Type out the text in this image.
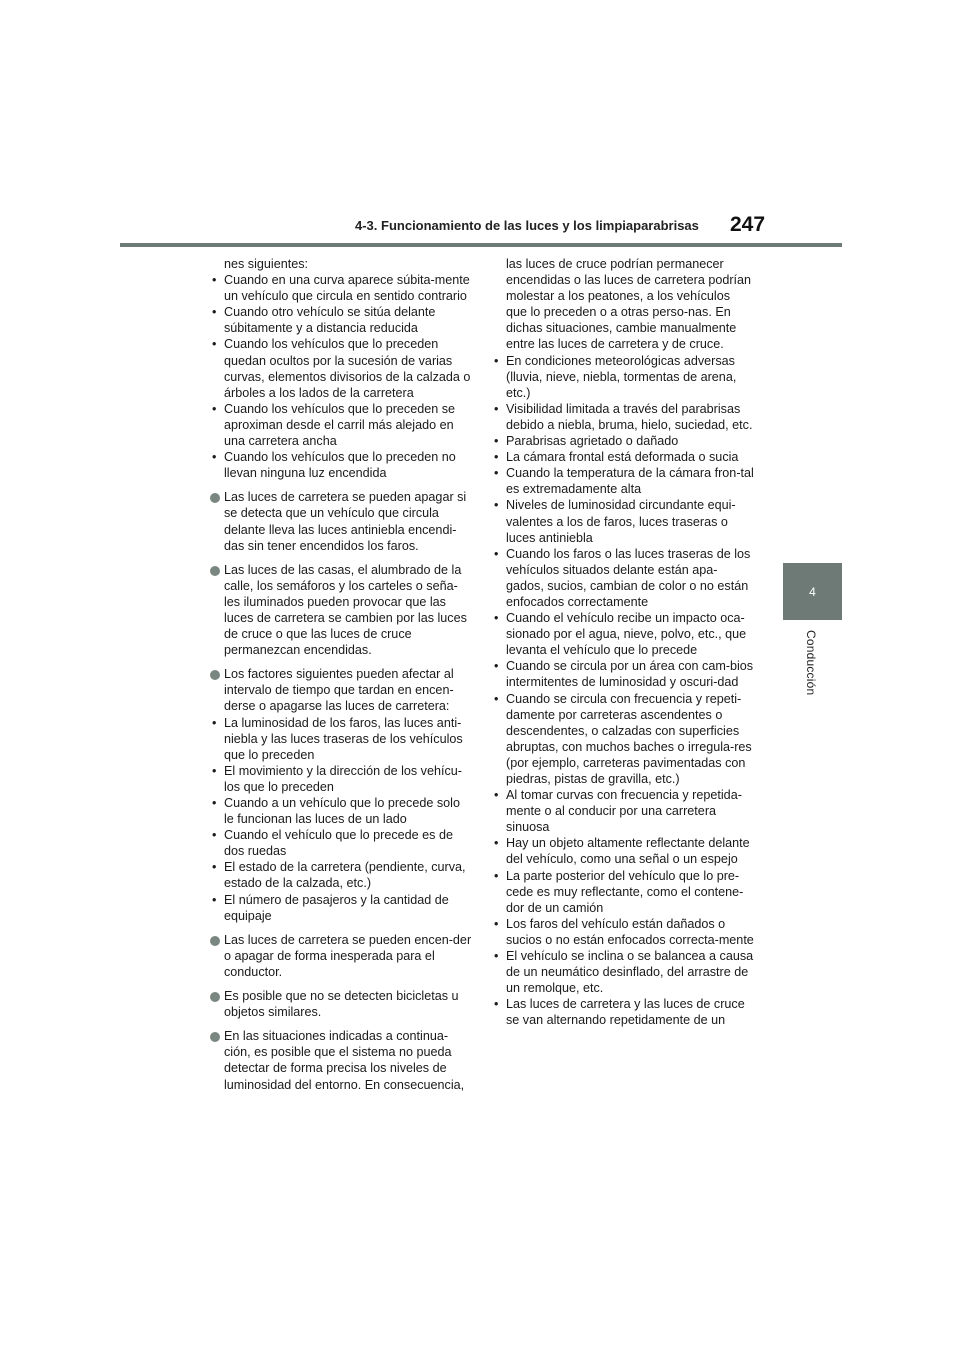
4-3. Funcionamiento de las luces y los limpiaparabrisas 247
4
Conducción
nes siguientes:
• Cuando en una curva aparece súbita-mente un vehículo que circula en sentido contrario
• Cuando otro vehículo se sitúa delante súbitamente y a distancia reducida
• Cuando los vehículos que lo preceden quedan ocultos por la sucesión de varias curvas, elementos divisorios de la calzada o árboles a los lados de la carretera
• Cuando los vehículos que lo preceden se aproximan desde el carril más alejado en una carretera ancha
• Cuando los vehículos que lo preceden no llevan ninguna luz encendida
Las luces de carretera se pueden apagar si se detecta que un vehículo que circula delante lleva las luces antiniebla encendi-das sin tener encendidos los faros.
Las luces de las casas, el alumbrado de la calle, los semáforos y los carteles o seña-les iluminados pueden provocar que las luces de carretera se cambien por las luces de cruce o que las luces de cruce permanezcan encendidas.
Los factores siguientes pueden afectar al intervalo de tiempo que tardan en encen-derse o apagarse las luces de carretera:
• La luminosidad de los faros, las luces anti-niebla y las luces traseras de los vehículos que lo preceden
• El movimiento y la dirección de los vehícu-los que lo preceden
• Cuando a un vehículo que lo precede solo le funcionan las luces de un lado
• Cuando el vehículo que lo precede es de dos ruedas
• El estado de la carretera (pendiente, curva, estado de la calzada, etc.)
• El número de pasajeros y la cantidad de equipaje
Las luces de carretera se pueden encen-der o apagar de forma inesperada para el conductor.
Es posible que no se detecten bicicletas u objetos similares.
En las situaciones indicadas a continua-ción, es posible que el sistema no pueda detectar de forma precisa los niveles de luminosidad del entorno. En consecuencia,
las luces de cruce podrían permanecer encendidas o las luces de carretera podrían molestar a los peatones, a los vehículos que lo preceden o a otras perso-nas. En dichas situaciones, cambie manualmente entre las luces de carretera y de cruce.
• En condiciones meteorológicas adversas (lluvia, nieve, niebla, tormentas de arena, etc.)
• Visibilidad limitada a través del parabrisas debido a niebla, bruma, hielo, suciedad, etc.
• Parabrisas agrietado o dañado
• La cámara frontal está deformada o sucia
• Cuando la temperatura de la cámara fron-tal es extremadamente alta
• Niveles de luminosidad circundante equi-valentes a los de faros, luces traseras o luces antiniebla
• Cuando los faros o las luces traseras de los vehículos situados delante están apa-gados, sucios, cambian de color o no están enfocados correctamente
• Cuando el vehículo recibe un impacto oca-sionado por el agua, nieve, polvo, etc., que levanta el vehículo que lo precede
• Cuando se circula por un área con cam-bios intermitentes de luminosidad y oscuri-dad
• Cuando se circula con frecuencia y repeti-damente por carreteras ascendentes o descendentes, o calzadas con superficies abruptas, con muchos baches o irregula-res (por ejemplo, carreteras pavimentadas con piedras, pistas de gravilla, etc.)
• Al tomar curvas con frecuencia y repetida-mente o al conducir por una carretera sinuosa
• Hay un objeto altamente reflectante delante del vehículo, como una señal o un espejo
• La parte posterior del vehículo que lo pre-cede es muy reflectante, como el contene-dor de un camión
• Los faros del vehículo están dañados o sucios o no están enfocados correcta-mente
• El vehículo se inclina o se balancea a causa de un neumático desinflado, del arrastre de un remolque, etc.
• Las luces de carretera y las luces de cruce se van alternando repetidamente de un
